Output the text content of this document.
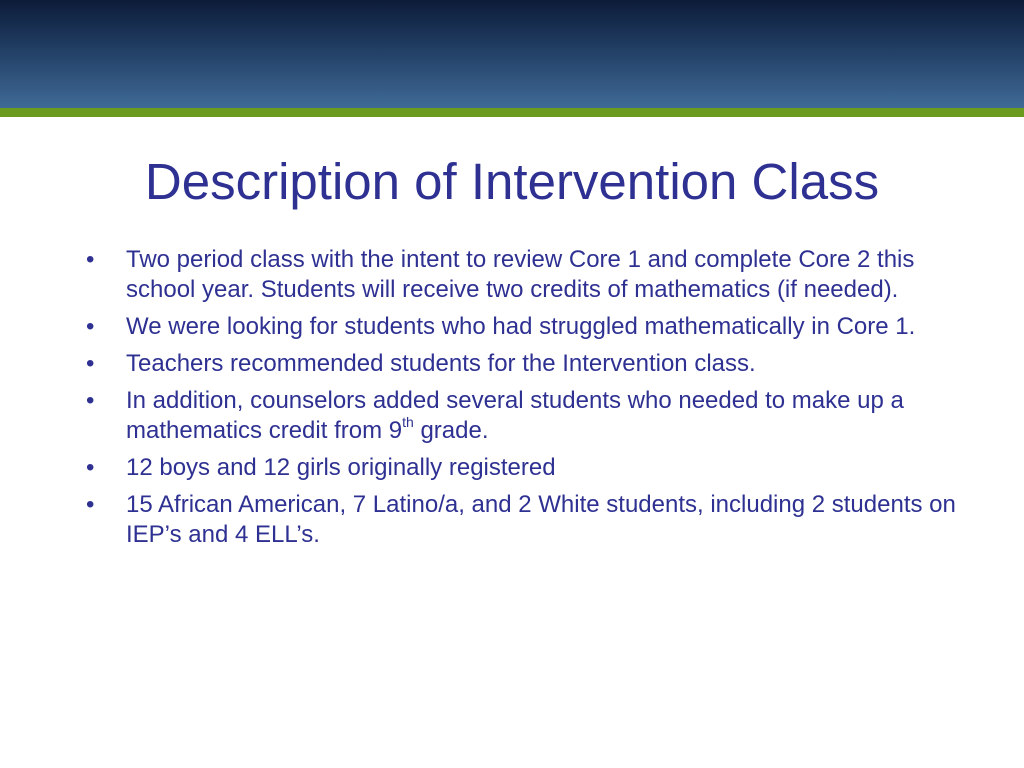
Description of Intervention Class
• Two period class with the intent to review Core 1 and complete Core 2 this school year. Students will receive two credits of mathematics (if needed).
• We were looking for students who had struggled mathematically in Core 1.
• Teachers recommended students for the Intervention class.
• In addition, counselors added several students who needed to make up a mathematics credit from 9th grade.
• 12 boys and 12 girls originally registered
• 15 African American, 7 Latino/a, and 2 White students, including 2 students on IEP’s and 4 ELL’s.
